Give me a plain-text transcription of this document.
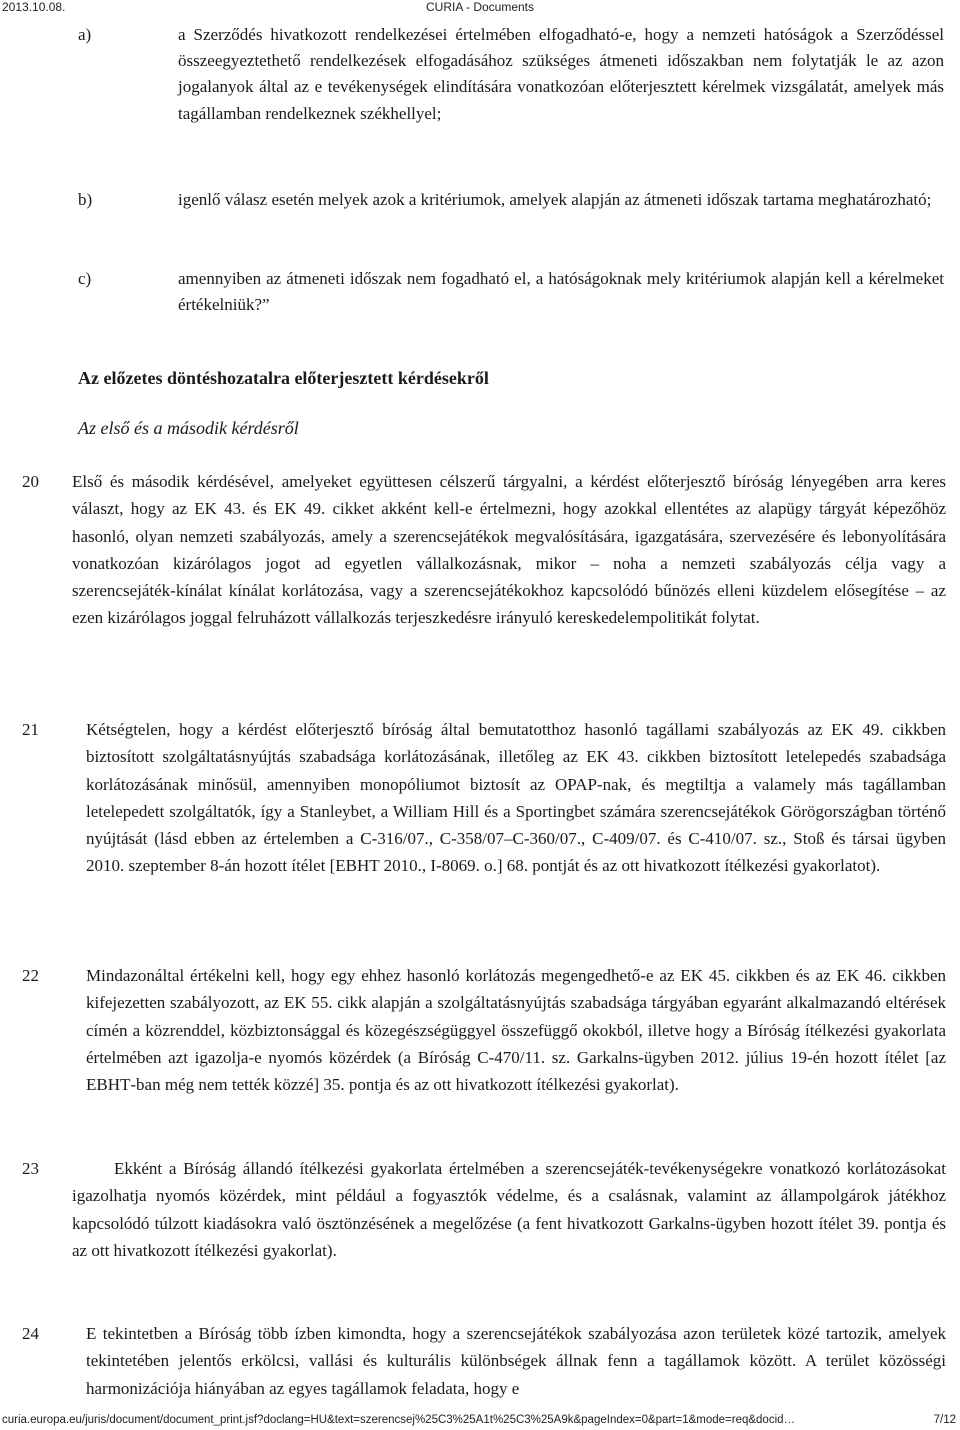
2013.10.08.	CURIA - Documents
a)	a Szerződés hivatkozott rendelkezései értelmében elfogadható‑e, hogy a nemzeti hatóságok a Szerződéssel összeegyeztethető rendelkezések elfogadásához szükséges átmeneti időszakban nem folytatják le az azon jogalanyok által az e tevékenységek elindítására vonatkozóan előterjesztett kérelmek vizsgálatát, amelyek más tagállamban rendelkeznek székhellyel;

b)	igenlő válasz esetén melyek azok a kritériumok, amelyek alapján az átmeneti időszak tartama meghatározható;

c)	amennyiben az átmeneti időszak nem fogadható el, a hatóságoknak mely kritériumok alapján kell a kérelmeket értékelniük?”

Az előzetes döntéshozatalra előterjesztett kérdésekről
Az első és a második kérdésről
20 Első és második kérdésével, amelyeket együttesen célszerű tárgyalni, a kérdést előterjesztő bíróság lényegében arra keres választ, hogy az EK 43. és EK 49. cikket akként kell‑e értelmezni, hogy azokkal ellentétes az alapügy tárgyát képezőhöz hasonló, olyan nemzeti szabályozás, amely a szerencsejátékok megvalósítására, igazgatására, szervezésére és lebonyolítására vonatkozóan kizárólagos jogot ad egyetlen vállalkozásnak, mikor – noha a nemzeti szabályozás célja vagy a szerencsejáték‑kínálat kínálat korlátozása, vagy a szerencsejátékokhoz kapcsolódó bűnözés elleni küzdelem elősegítése – az ezen kizárólagos joggal felruházott vállalkozás terjeszkedésre irányuló kereskedelempolitikát folytat.

21	Kétségtelen, hogy a kérdést előterjesztő bíróság által bemutatotthoz hasonló tagállami szabályozás az EK 49. cikkben biztosított szolgáltatásnyújtás szabadsága korlátozásának, illetőleg az EK 43. cikkben biztosított letelepedés szabadsága korlátozásának minősül, amennyiben monopóliumot biztosít az OPAP‑nak, és megtiltja a valamely más tagállamban letelepedett szolgáltatók, így a Stanleybet, a William Hill és a Sportingbet számára szerencsejátékok Görögországban történő nyújtását (lásd ebben az értelemben a C‑316/07., C‑358/07–C‑360/07., C‑409/07. és C‑410/07. sz., Stoß és társai ügyben 2010. szeptember 8‑án hozott ítélet [EBHT 2010., I‑8069. o.] 68. pontját és az ott hivatkozott ítélkezési gyakorlatot).

22	Mindazonáltal értékelni kell, hogy egy ehhez hasonló korlátozás megengedhető‑e az EK 45. cikkben és az EK 46. cikkben kifejezetten szabályozott, az EK 55. cikk alapján a szolgáltatásnyújtás szabadsága tárgyában egyaránt alkalmazandó eltérések címén a közrenddel, közbiztonsággal és közegészségüggyel összefüggő okokból, illetve hogy a Bíróság ítélkezési gyakorlata értelmében azt igazolja‑e nyomós közérdek (a Bíróság C‑470/11. sz. Garkalns‑ügyben 2012. július 19‑én hozott ítélet [az EBHT‑ban még nem tették közzé] 35. pontja és az ott hivatkozott ítélkezési gyakorlat).

23	Ekként a Bíróság állandó ítélkezési gyakorlata értelmében a szerencsejáték‑tevékenységekre vonatkozó korlátozásokat igazolhatja nyomós közérdek, mint például a fogyasztók védelme, és a csalásnak, valamint az állampolgárok játékhoz kapcsolódó túlzott kiadásokra való ösztönzésének a megelőzése (a fent hivatkozott Garkalns‑ügyben hozott ítélet 39. pontja és az ott hivatkozott ítélkezési gyakorlat).

24	E tekintetben a Bíróság több ízben kimondta, hogy a szerencsejátékok szabályozása azon területek közé tartozik, amelyek tekintetében jelentős erkölcsi, vallási és kulturális különbségek állnak fenn a tagállamok között. A terület közösségi harmonizációja hiányában az egyes tagállamok feladata, hogy e

curia.europa.eu/juris/document/document_print.jsf?doclang=HU&text=szerencsej%25C3%25A1t%25C3%25A9k&pageIndex=0&part=1&mode=req&docid…	7/12
